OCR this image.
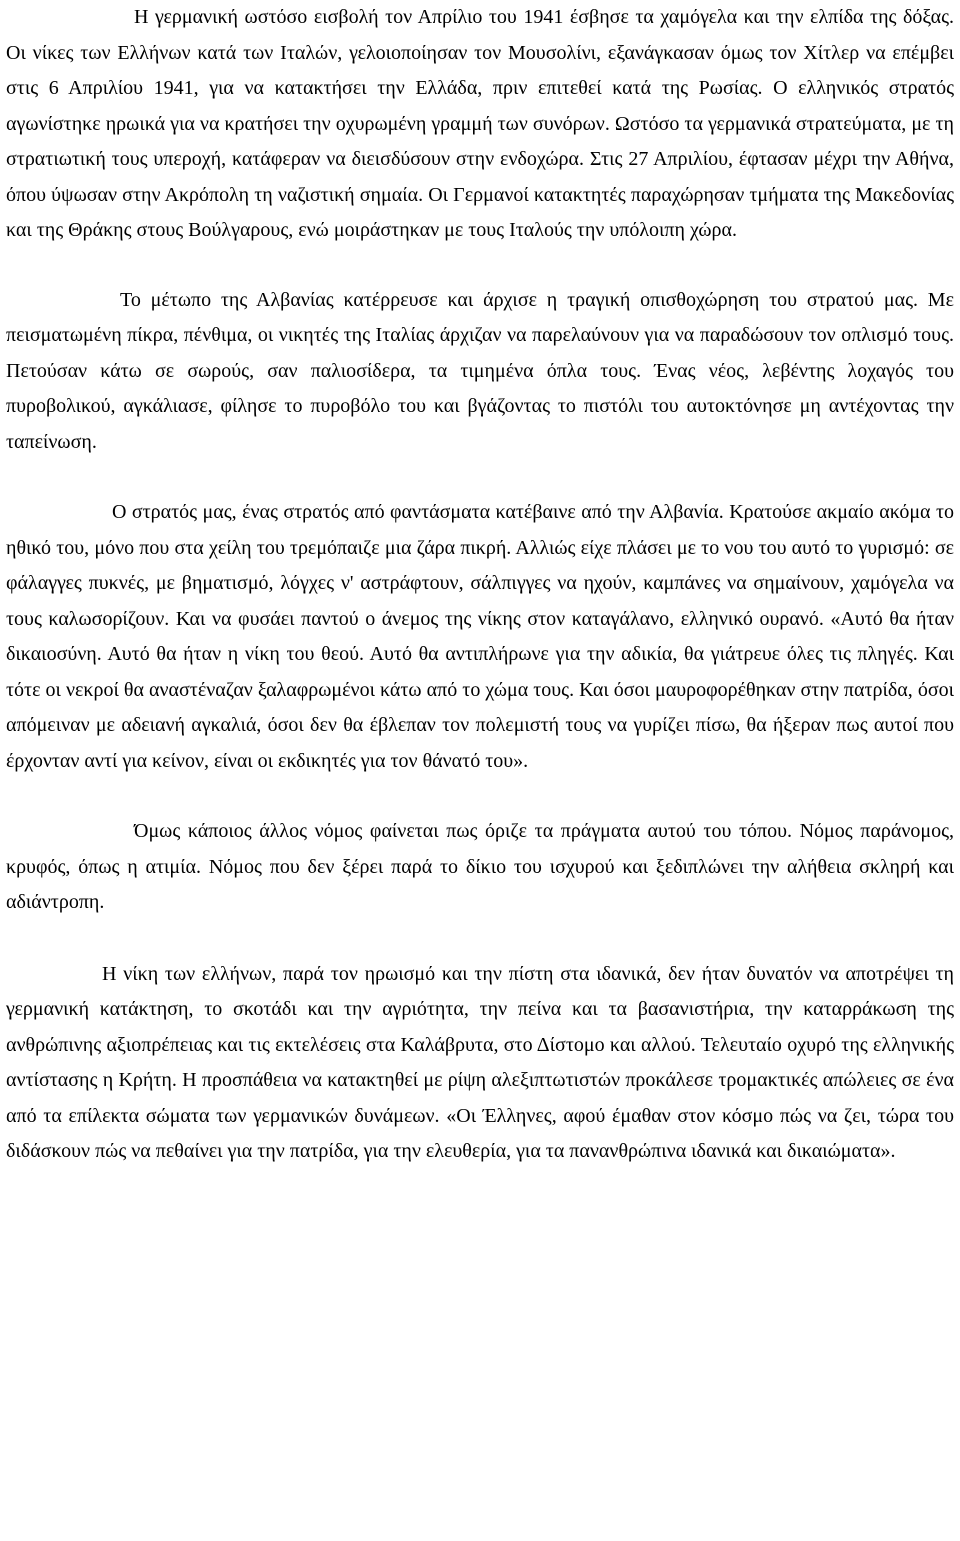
Η γερμανική ωστόσο εισβολή τον Απρίλιο του 1941 έσβησε τα χαμόγελα και την ελπίδα της δόξας. Οι νίκες των Ελλήνων κατά των Ιταλών, γελοιοποίησαν τον Μουσολίνι, εξανάγκασαν όμως τον Χίτλερ να επέμβει στις 6 Απριλίου 1941, για να κατακτήσει την Ελλάδα, πριν επιτεθεί κατά της Ρωσίας. Ο ελληνικός στρατός αγωνίστηκε ηρωικά για να κρατήσει την οχυρωμένη γραμμή των συνόρων. Ωστόσο τα γερμανικά στρατεύματα, με τη στρατιωτική τους υπεροχή, κατάφεραν να διεισδύσουν στην ενδοχώρα. Στις 27 Απριλίου, έφτασαν μέχρι την Αθήνα, όπου ύψωσαν στην Ακρόπολη τη ναζιστική σημαία. Οι Γερμανοί κατακτητές παραχώρησαν τμήματα της Μακεδονίας και της Θράκης στους Βούλγαρους, ενώ μοιράστηκαν με τους Ιταλούς την υπόλοιπη χώρα.

Το μέτωπο της Αλβανίας κατέρρευσε και άρχισε η τραγική οπισθοχώρηση του στρατού μας. Με πεισματωμένη πίκρα, πένθιμα, οι νικητές της Ιταλίας άρχιζαν να παρελαύνουν για να παραδώσουν τον οπλισμό τους. Πετούσαν κάτω σε σωρούς, σαν παλιοσίδερα, τα τιμημένα όπλα τους. Ένας νέος, λεβέντης λοχαγός του πυροβολικού, αγκάλιασε, φίλησε το πυροβόλο του και βγάζοντας το πιστόλι του αυτοκτόνησε μη αντέχοντας την ταπείνωση.

Ο στρατός μας, ένας στρατός από φαντάσματα κατέβαινε από την Αλβανία. Κρατούσε ακμαίο ακόμα το ηθικό του, μόνο που στα χείλη του τρεμόπαιζε μια ζάρα πικρή. Αλλιώς είχε πλάσει με το νου του αυτό το γυρισμό: σε φάλαγγες πυκνές, με βηματισμό, λόγχες ν' αστράφτουν, σάλπιγγες να ηχούν, καμπάνες να σημαίνουν, χαμόγελα να τους καλωσορίζουν. Και να φυσάει παντού ο άνεμος της νίκης στον καταγάλανο, ελληνικό ουρανό. «Αυτό θα ήταν δικαιοσύνη. Αυτό θα ήταν η νίκη του θεού. Αυτό θα αντιπλήρωνε για την αδικία, θα γιάτρευε όλες τις πληγές. Και τότε οι νεκροί θα αναστέναζαν ξαλαφρωμένοι κάτω από το χώμα τους. Και όσοι μαυροφορέθηκαν στην πατρίδα, όσοι απόμειναν με αδειανή αγκαλιά, όσοι δεν θα έβλεπαν τον πολεμιστή τους να γυρίζει πίσω, θα ήξεραν πως αυτοί που έρχονταν αντί για κείνον, είναι οι εκδικητές για τον θάνατό του».

Όμως κάποιος άλλος νόμος φαίνεται πως όριζε τα πράγματα αυτού του τόπου. Νόμος παράνομος, κρυφός, όπως η ατιμία. Νόμος που δεν ξέρει παρά το δίκιο του ισχυρού και ξεδιπλώνει την αλήθεια σκληρή και αδιάντροπη.

Η νίκη των ελλήνων, παρά τον ηρωισμό και την πίστη στα ιδανικά, δεν ήταν δυνατόν να αποτρέψει τη γερμανική κατάκτηση, το σκοτάδι και την αγριότητα, την πείνα και τα βασανιστήρια, την καταρράκωση της ανθρώπινης αξιοπρέπειας και τις εκτελέσεις στα Καλάβρυτα, στο Δίστομο και αλλού. Τελευταίο οχυρό της ελληνικής αντίστασης η Κρήτη. Η προσπάθεια να κατακτηθεί με ρίψη αλεξιπτωτιστών προκάλεσε τρομακτικές απώλειες σε ένα από τα επίλεκτα σώματα των γερμανικών δυνάμεων. «Οι Έλληνες, αφού έμαθαν στον κόσμο πώς να ζει, τώρα του διδάσκουν πώς να πεθαίνει για την πατρίδα, για την ελευθερία, για τα πανανθρώπινα ιδανικά και δικαιώματα».
